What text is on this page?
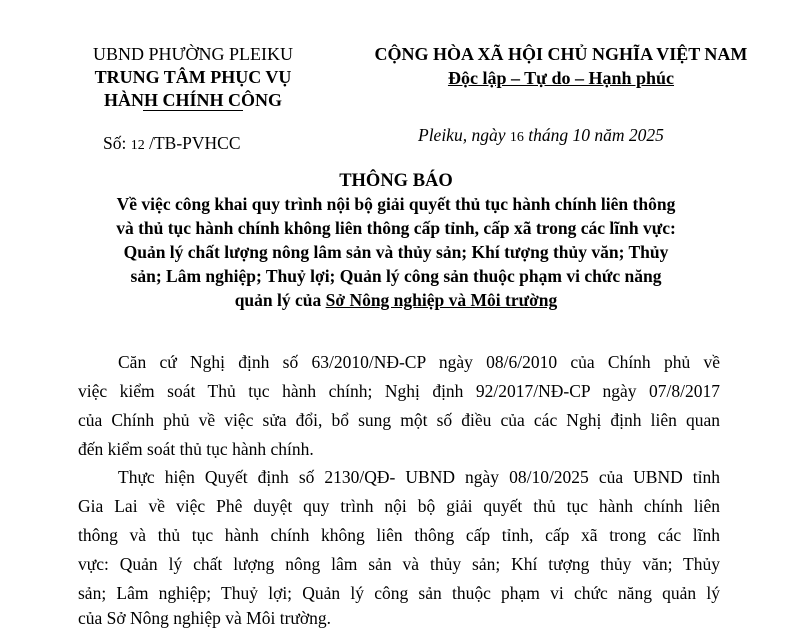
UBND PHƯỜNG PLEIKU
TRUNG TÂM PHỤC VỤ
HÀNH CHÍNH CÔNG
Số: 12 /TB-PVHCC
CỘNG HÒA XÃ HỘI CHỦ NGHĨA VIỆT NAM
Độc lập – Tự do – Hạnh phúc
Pleiku, ngày 16 tháng 10 năm 2025
THÔNG BÁO
Về việc công khai quy trình nội bộ giải quyết thủ tục hành chính liên thông
và thủ tục hành chính không liên thông cấp tỉnh, cấp xã trong các lĩnh vực:
Quản lý chất lượng nông lâm sản và thủy sản; Khí tượng thủy văn; Thủy
sản; Lâm nghiệp; Thuỷ lợi; Quản lý công sản thuộc phạm vi chức năng
quản lý của Sở Nông nghiệp và Môi trường
Căn cứ Nghị định số 63/2010/NĐ-CP ngày 08/6/2010 của Chính phủ về
việc kiểm soát Thủ tục hành chính; Nghị định 92/2017/NĐ-CP ngày 07/8/2017
của Chính phủ về việc sửa đổi, bổ sung một số điều của các Nghị định liên quan
đến kiểm soát thủ tục hành chính.
Thực hiện Quyết định số 2130/QĐ- UBND ngày 08/10/2025 của UBND tỉnh
Gia Lai về việc Phê duyệt quy trình nội bộ giải quyết thủ tục hành chính liên
thông và thủ tục hành chính không liên thông cấp tỉnh, cấp xã trong các lĩnh
vực: Quản lý chất lượng nông lâm sản và thủy sản; Khí tượng thủy văn; Thủy
sản; Lâm nghiệp; Thuỷ lợi; Quản lý công sản thuộc phạm vi chức năng quản lý
của Sở Nông nghiệp và Môi trường.
